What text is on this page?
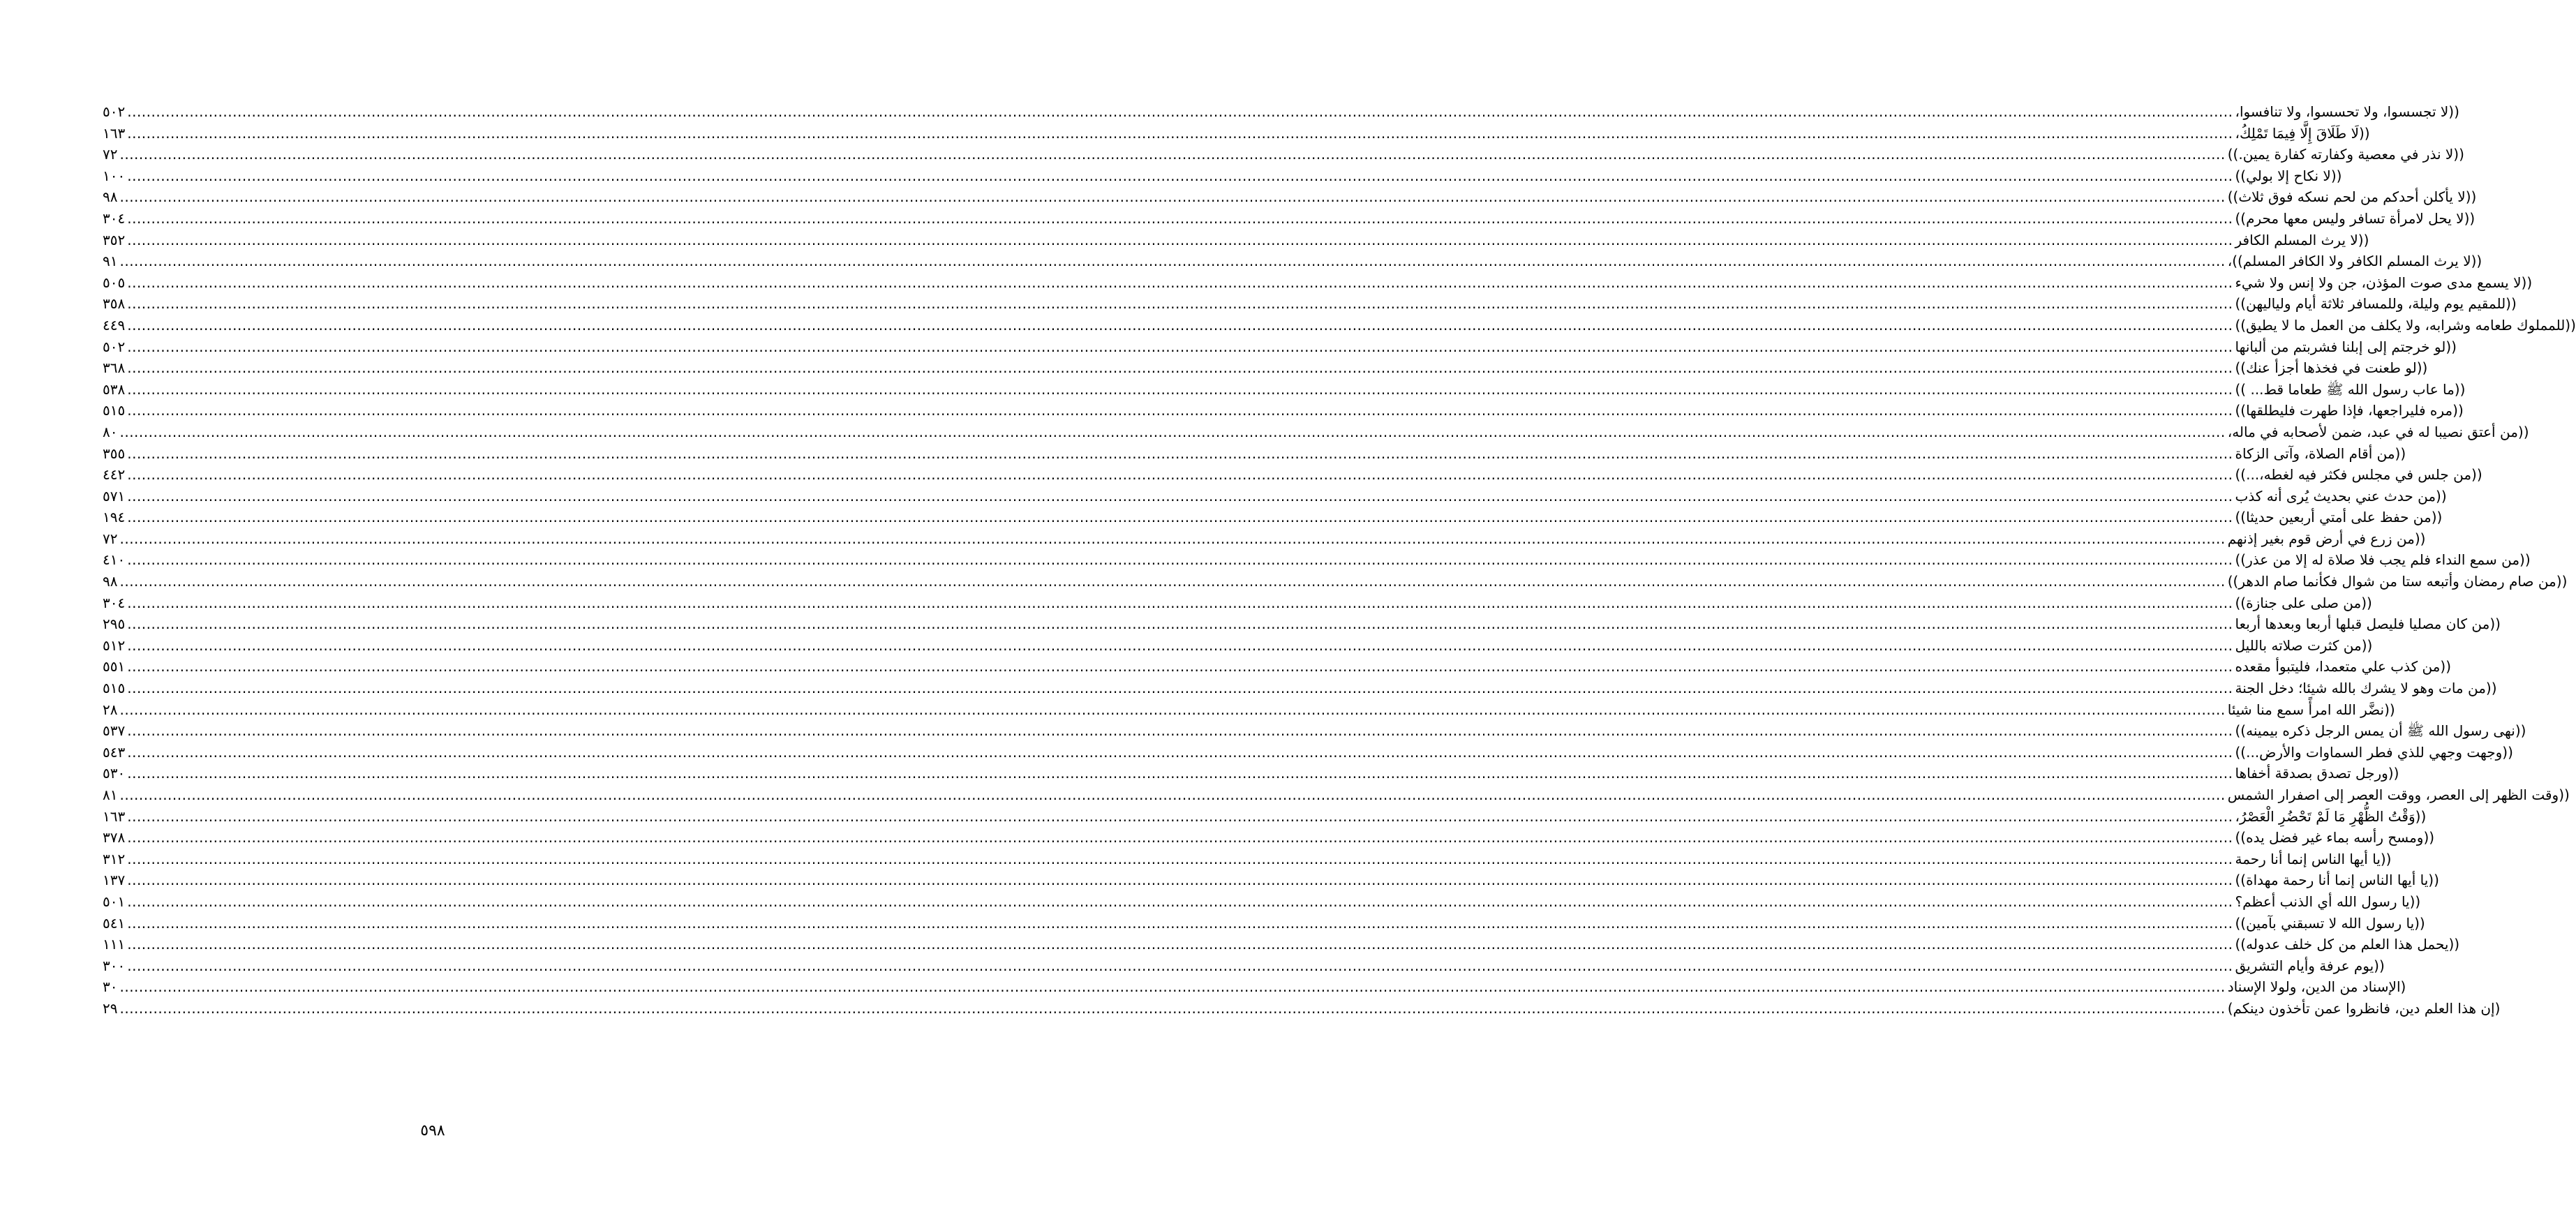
٥٠٢ .....	((لا تجسسوا، ولا تحسسوا، ولا تنافسوا،
١٦٣ .....	((لَا طَلَاقَ إِلَّا فِيمَا تَمْلِكُ،
٧٢ .....	((لا نذر في معصية وكفارته كفارة يمين.))
١٠٠ .....	((لا نكاح إلا بولي))
٩٨ .....	((لا يأكلن أحدكم من لحم نسكه فوق ثلاث))
٣٠٤ .....	((لا يحل لامرأة تسافر وليس معها محرم))
٣٥٢ .....	((لا يرث المسلم الكافر
٩١ .....	((لا يرث المسلم الكافر ولا الكافر المسلم))،
٥٠٥ .....	((لا يسمع مدى صوت المؤذن، جن ولا إنس ولا شيء
٣٥٨ .....	((للمقيم يوم وليلة، وللمسافر ثلاثة أيام ولياليهن))
٤٤٩ .....	((للمملوك طعامه وشرابه، ولا يكلف من العمل ما لا يطيق))
٥٠٢ .....	((لو خرجتم إلى إبلنا فشربتم من ألبانها
٣٦٨ .....	((لو طعنت في فخذها أجزأ عنك))
٥٣٨ .....	((ما عاب رسول الله ﷺ طعاما قط... ))
٥١٥ .....	((مره فليراجعها، فإذا طهرت فليطلقها))
٨٠ .....	((من أعتق نصيبا له في عبد، ضمن لأصحابه في ماله،
٣٥٥ .....	((من أقام الصلاة، وآتى الزكاة
٤٤٢ .....	((من جلس في مجلس فكثر فيه لغطه،...))
٥٧١ .....	((من حدث عني بحديث يُرى أنه كذب
١٩٤ .....	((من حفظ على أمتي أربعين حديثا))
٧٢ .....	((من زرع في أرض قوم بغير إذنهم
٤١٠ .....	((من سمع النداء فلم يجب فلا صلاة له إلا من عذر))
٩٨ .....	((من صام رمضان وأتبعه ستا من شوال فكأنما صام الدهر))
٣٠٤ .....	((من صلى على جنازة))
٢٩٥ .....	((من كان مصليا فليصل قبلها أربعا وبعدها أربعا
٥١٢ .....	((من كثرت صلاته بالليل
٥٥١ .....	((من كذب علي متعمدا، فليتبوأ مقعده
٥١٥ .....	((من مات وهو لا يشرك بالله شيئا؛ دخل الجنة
٢٨ .....	((نضَّر الله امرأً سمع منا شيئا
٥٣٧ .....	((نهى رسول الله ﷺ أن يمس الرجل ذكره بيمينه))
٥٤٣ .....	((وجهت وجهي للذي فطر السماوات والأرض...))
٥٣٠ .....	((ورجل تصدق بصدقة أخفاها
٨١ .....	((وقت الظهر إلى العصر، ووقت العصر إلى اصفرار الشمس
١٦٣ .....	((وَقْتُ الظُّهْرِ مَا لَمْ تَحْضُرِ الْعَصْرُ،
٣٧٨ .....	((ومسح رأسه بماء غير فضل يده))
٣١٢ .....	((يا أيها الناس إنما أنا رحمة
١٣٧ .....	((يا أيها الناس إنما أنا رحمة مهداة))
٥٠١ .....	((يا رسول الله أي الذنب أعظم؟
٥٤١ .....	((يا رسول الله لا تسبقني بآمين))
١١١ .....	((يحمل هذا العلم من كل خلف عدوله))
٣٠٠ .....	((يوم عرفة وأيام التشريق
٣٠ .....	(الإسناد من الدين، ولولا الإسناد
٢٩ .....	(إن هذا العلم دين، فانظروا عمن تأخذون دينكم)
٥٩٨
